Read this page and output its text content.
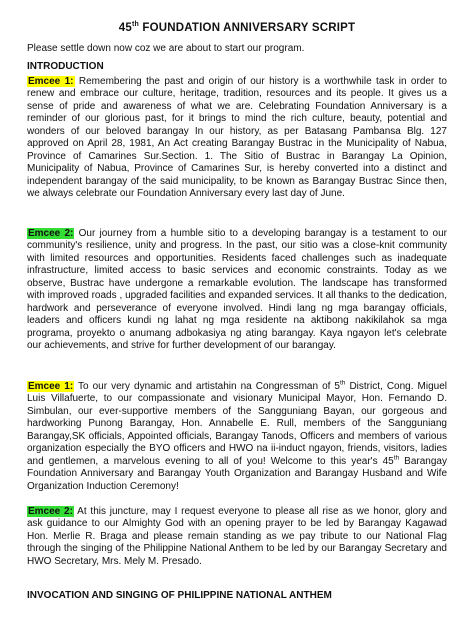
45th FOUNDATION ANNIVERSARY SCRIPT
Please settle down now coz we are about to start our program.
INTRODUCTION
Emcee 1: Remembering the past and origin of our history is a worthwhile task in order to renew and embrace our culture, heritage, tradition, resources and its people. It gives us a sense of pride and awareness of what we are. Celebrating Foundation Anniversary is a reminder of our glorious past, for it brings to mind the rich culture, beauty, potential and wonders of our beloved barangay In our history, as per Batasang Pambansa Blg. 127 approved on April 28, 1981, An Act creating Barangay Bustrac in the Municipality of Nabua, Province of Camarines Sur.Section. 1. The Sitio of Bustrac in Barangay La Opinion, Municipality of Nabua, Province of Camarines Sur, is hereby converted into a distinct and independent barangay of the said municipality, to be known as Barangay Bustrac Since then, we always celebrate our Foundation Anniversary every last day of June.
Emcee 2: Our journey from a humble sitio to a developing barangay is a testament to our community's resilience, unity and progress. In the past, our sitio was a close-knit community with limited resources and opportunities. Residents faced challenges such as inadequate infrastructure, limited access to basic services and economic constraints. Today as we observe, Bustrac have undergone a remarkable evolution. The landscape has transformed with improved roads , upgraded facilities and expanded services. It all thanks to the dedication, hardwork and perseverance of everyone involved. Hindi lang ng mga barangay officials, leaders and officers kundi ng lahat ng mga residente na aktibong nakikilahok sa mga programa, proyekto o anumang adbokasiya ng ating barangay. Kaya ngayon let's celebrate our achievements, and strive for further development of our barangay.
Emcee 1: To our very dynamic and artistahin na Congressman of 5th District, Cong. Miguel Luis Villafuerte, to our compassionate and visionary Municipal Mayor, Hon. Fernando D. Simbulan, our ever-supportive members of the Sangguniang Bayan, our gorgeous and hardworking Punong Barangay, Hon. Annabelle E. Rull, members of the Sangguniang Barangay,SK officials, Appointed officials, Barangay Tanods, Officers and members of various organization especially the BYO officers and HWO na ii-induct ngayon, friends, visitors, ladies and gentlemen, a marvelous evening to all of you! Welcome to this year's 45th Barangay Foundation Anniversary and Barangay Youth Organization and Barangay Husband and Wife Organization Induction Ceremony!
Emcee 2: At this juncture, may I request everyone to please all rise as we honor, glory and ask guidance to our Almighty God with an opening prayer to be led by Barangay Kagawad Hon. Merlie R. Braga and please remain standing as we pay tribute to our National Flag through the singing of the Philippine National Anthem to be led by our Barangay Secretary and HWO Secretary, Mrs. Mely M. Presado.
INVOCATION AND SINGING OF PHILIPPINE NATIONAL ANTHEM
